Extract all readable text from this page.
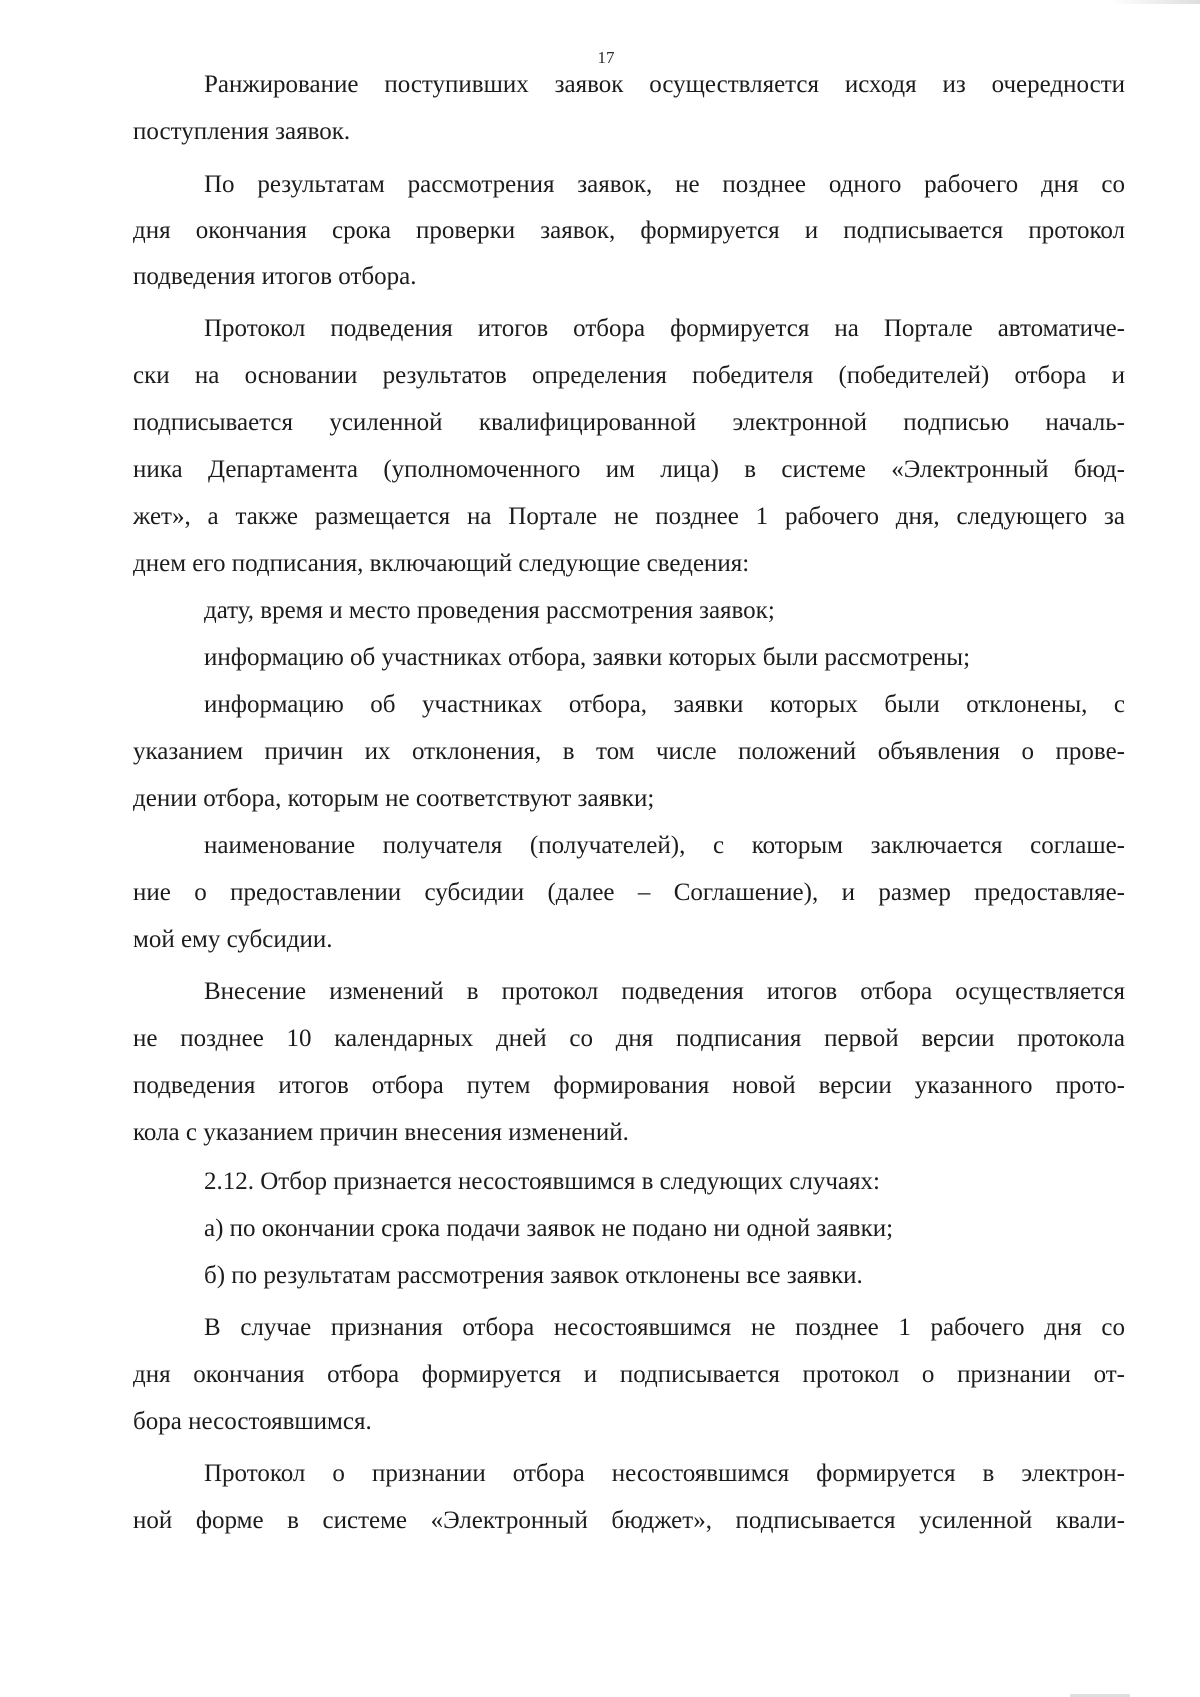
17
Ранжирование поступивших заявок осуществляется исходя из очередности
поступления заявок.
По результатам рассмотрения заявок, не позднее одного рабочего дня со
дня окончания срока проверки заявок, формируется и подписывается протокол
подведения итогов отбора.
Протокол подведения итогов отбора формируется на Портале автоматиче-
ски на основании результатов определения победителя (победителей) отбора и
подписывается усиленной квалифицированной электронной подписью началь-
ника Департамента (уполномоченного им лица) в системе «Электронный бюд-
жет», а также размещается на Портале не позднее 1 рабочего дня, следующего за
днем его подписания, включающий следующие сведения:
дату, время и место проведения рассмотрения заявок;
информацию об участниках отбора, заявки которых были рассмотрены;
информацию об участниках отбора, заявки которых были отклонены, с
указанием причин их отклонения, в том числе положений объявления о прове-
дении отбора, которым не соответствуют заявки;
наименование получателя (получателей), с которым заключается соглаше-
ние о предоставлении субсидии (далее – Соглашение), и размер предоставляе-
мой ему субсидии.
Внесение изменений в протокол подведения итогов отбора осуществляется
не позднее 10 календарных дней со дня подписания первой версии протокола
подведения итогов отбора путем формирования новой версии указанного прото-
кола с указанием причин внесения изменений.
2.12. Отбор признается несостоявшимся в следующих случаях:
а) по окончании срока подачи заявок не подано ни одной заявки;
б) по результатам рассмотрения заявок отклонены все заявки.
В случае признания отбора несостоявшимся не позднее 1 рабочего дня со
дня окончания отбора формируется и подписывается протокол о признании от-
бора несостоявшимся.
Протокол о признании отбора несостоявшимся формируется в электрон-
ной форме в системе «Электронный бюджет», подписывается усиленной квали-
